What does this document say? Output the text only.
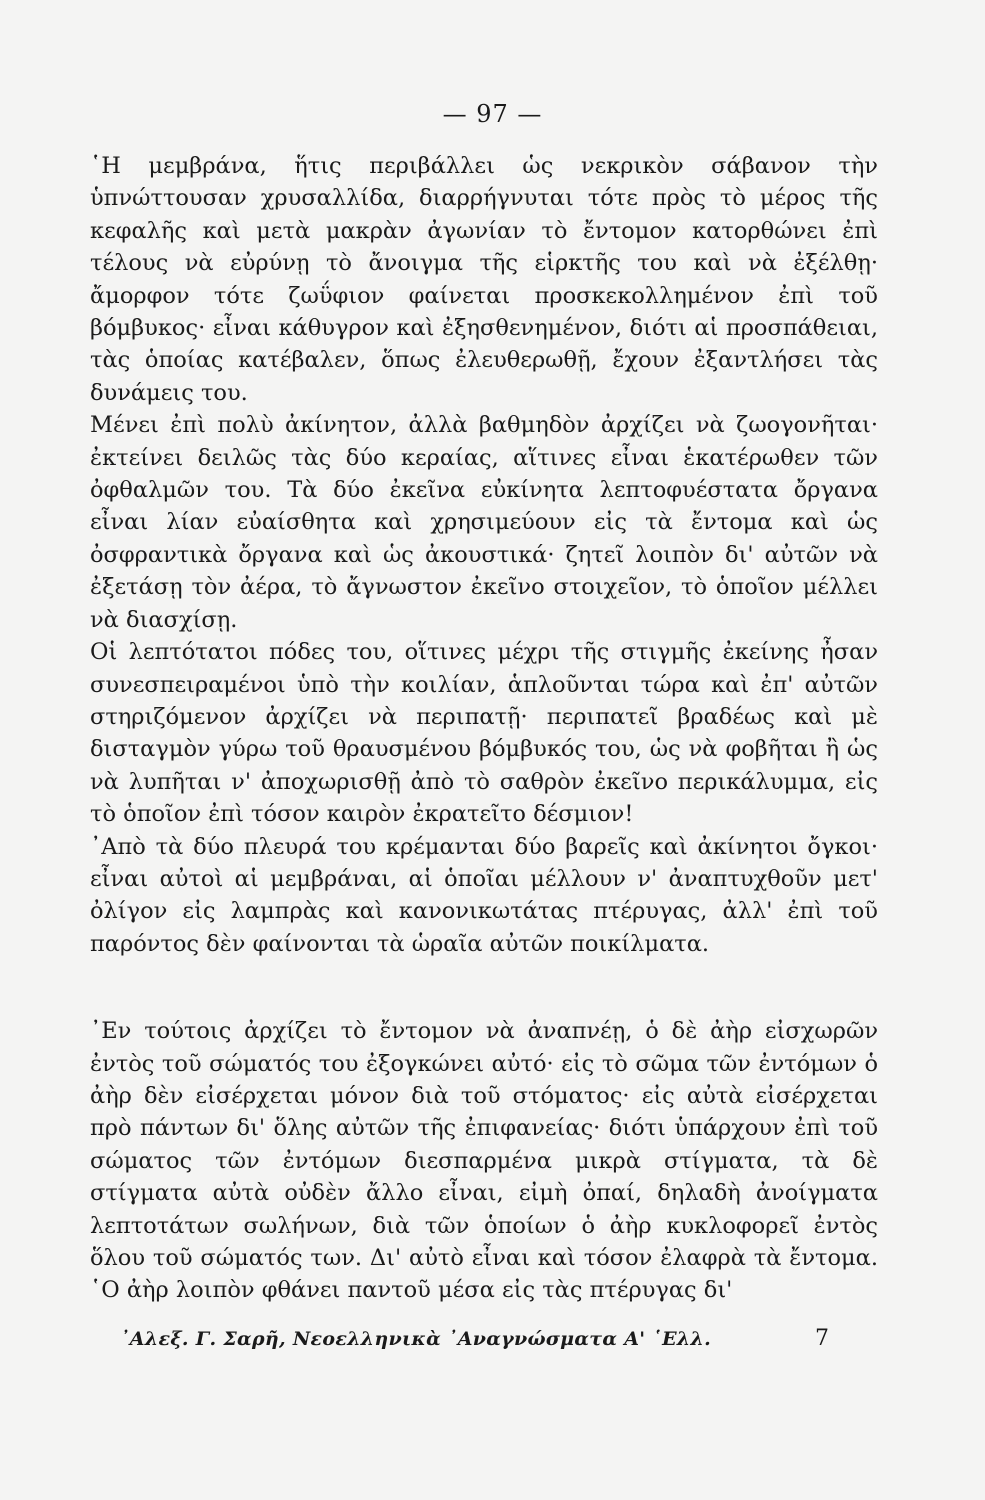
— 97 —

῾Η μεμβράνα, ἥτις περιβάλλει ὡς νεκρικὸν σάβανον τὴν ὑπνώττουσαν χρυσαλλίδα, διαρρήγνυται τότε πρὸς τὸ μέρος τῆς κεφαλῆς καὶ μετὰ μακρὰν ἀγωνίαν τὸ ἔντομον κατορθώνει ἐπὶ τέλους νὰ εὐρύνῃ τὸ ἄνοιγμα τῆς εἱρκτῆς του καὶ νὰ ἐξέλθῃ· ἄμορφον τότε ζωΰφιον φαίνεται προσκεκολλημένον ἐπὶ τοῦ βόμβυκος· εἶναι κάθυγρον καὶ ἐξησθενημένον, διότι αἱ προσπάθειαι, τὰς ὁποίας κατέβαλεν, ὅπως ἐλευθερωθῇ, ἔχουν ἐξαντλήσει τὰς δυνάμεις του.

Μένει ἐπὶ πολὺ ἀκίνητον, ἀλλὰ βαθμηδὸν ἀρχίζει νὰ ζωογονῆται· ἐκτείνει δειλῶς τὰς δύο κεραίας, αἵτινες εἶναι ἑκατέρωθεν τῶν ὀφθαλμῶν του. Τὰ δύο ἐκεῖνα εὐκίνητα λεπτοφυέστατα ὄργανα εἶναι λίαν εὐαίσθητα καὶ χρησιμεύουν εἰς τὰ ἔντομα καὶ ὡς ὀσφραντικὰ ὄργανα καὶ ὡς ἀκουστικά· ζητεῖ λοιπὸν δι' αὐτῶν νὰ ἐξετάσῃ τὸν ἀέρα, τὸ ἄγνωστον ἐκεῖνο στοιχεῖον, τὸ ὁποῖον μέλλει νὰ διασχίσῃ.

Οἱ λεπτότατοι πόδες του, οἵτινες μέχρι τῆς στιγμῆς ἐκείνης ἦσαν συνεσπειραμένοι ὑπὸ τὴν κοιλίαν, ἁπλοῦνται τώρα καὶ ἐπ' αὐτῶν στηριζόμενον ἀρχίζει νὰ περιπατῇ· περιπατεῖ βραδέως καὶ μὲ δισταγμὸν γύρω τοῦ θραυσμένου βόμβυκός του, ὡς νὰ φοβῆται ἢ ὡς νὰ λυπῆται ν' ἀποχωρισθῇ ἀπὸ τὸ σαθρὸν ἐκεῖνο περικάλυμμα, εἰς τὸ ὁποῖον ἐπὶ τόσον καιρὸν ἐκρατεῖτο δέσμιον!

᾿Απὸ τὰ δύο πλευρά του κρέμανται δύο βαρεῖς καὶ ἀκίνητοι ὄγκοι· εἶναι αὐτοὶ αἱ μεμβράναι, αἱ ὁποῖαι μέλλουν ν' ἀναπτυχθοῦν μετ' ὀλίγον εἰς λαμπρὰς καὶ κανονικωτάτας πτέρυγας, ἀλλ' ἐπὶ τοῦ παρόντος δὲν φαίνονται τὰ ὡραῖα αὐτῶν ποικίλματα.

᾿Εν τούτοις ἀρχίζει τὸ ἔντομον νὰ ἀναπνέῃ, ὁ δὲ ἀὴρ εἰσχωρῶν ἐντὸς τοῦ σώματός του ἐξογκώνει αὐτό· εἰς τὸ σῶμα τῶν ἐντόμων ὁ ἀὴρ δὲν εἰσέρχεται μόνον διὰ τοῦ στόματος· εἰς αὐτὰ εἰσέρχεται πρὸ πάντων δι' ὅλης αὐτῶν τῆς ἐπιφανείας· διότι ὑπάρχουν ἐπὶ τοῦ σώματος τῶν ἐντόμων διεσπαρμένα μικρὰ στίγματα, τὰ δὲ στίγματα αὐτὰ οὐδὲν ἄλλο εἶναι, εἰμὴ ὀπαί, δηλαδὴ ἀνοίγματα λεπτοτάτων σωλήνων, διὰ τῶν ὁποίων ὁ ἀὴρ κυκλοφορεῖ ἐντὸς ὅλου τοῦ σώματός των. Δι' αὐτὸ εἶναι καὶ τόσον ἐλαφρὰ τὰ ἔντομα. ῾Ο ἀὴρ λοιπὸν φθάνει παντοῦ μέσα εἰς τὰς πτέρυγας δι'

᾿Αλεξ. Γ. Σαρῆ, Νεοελληνικὰ ᾿Αναγνώσματα Α' ῾Ελλ.	7
